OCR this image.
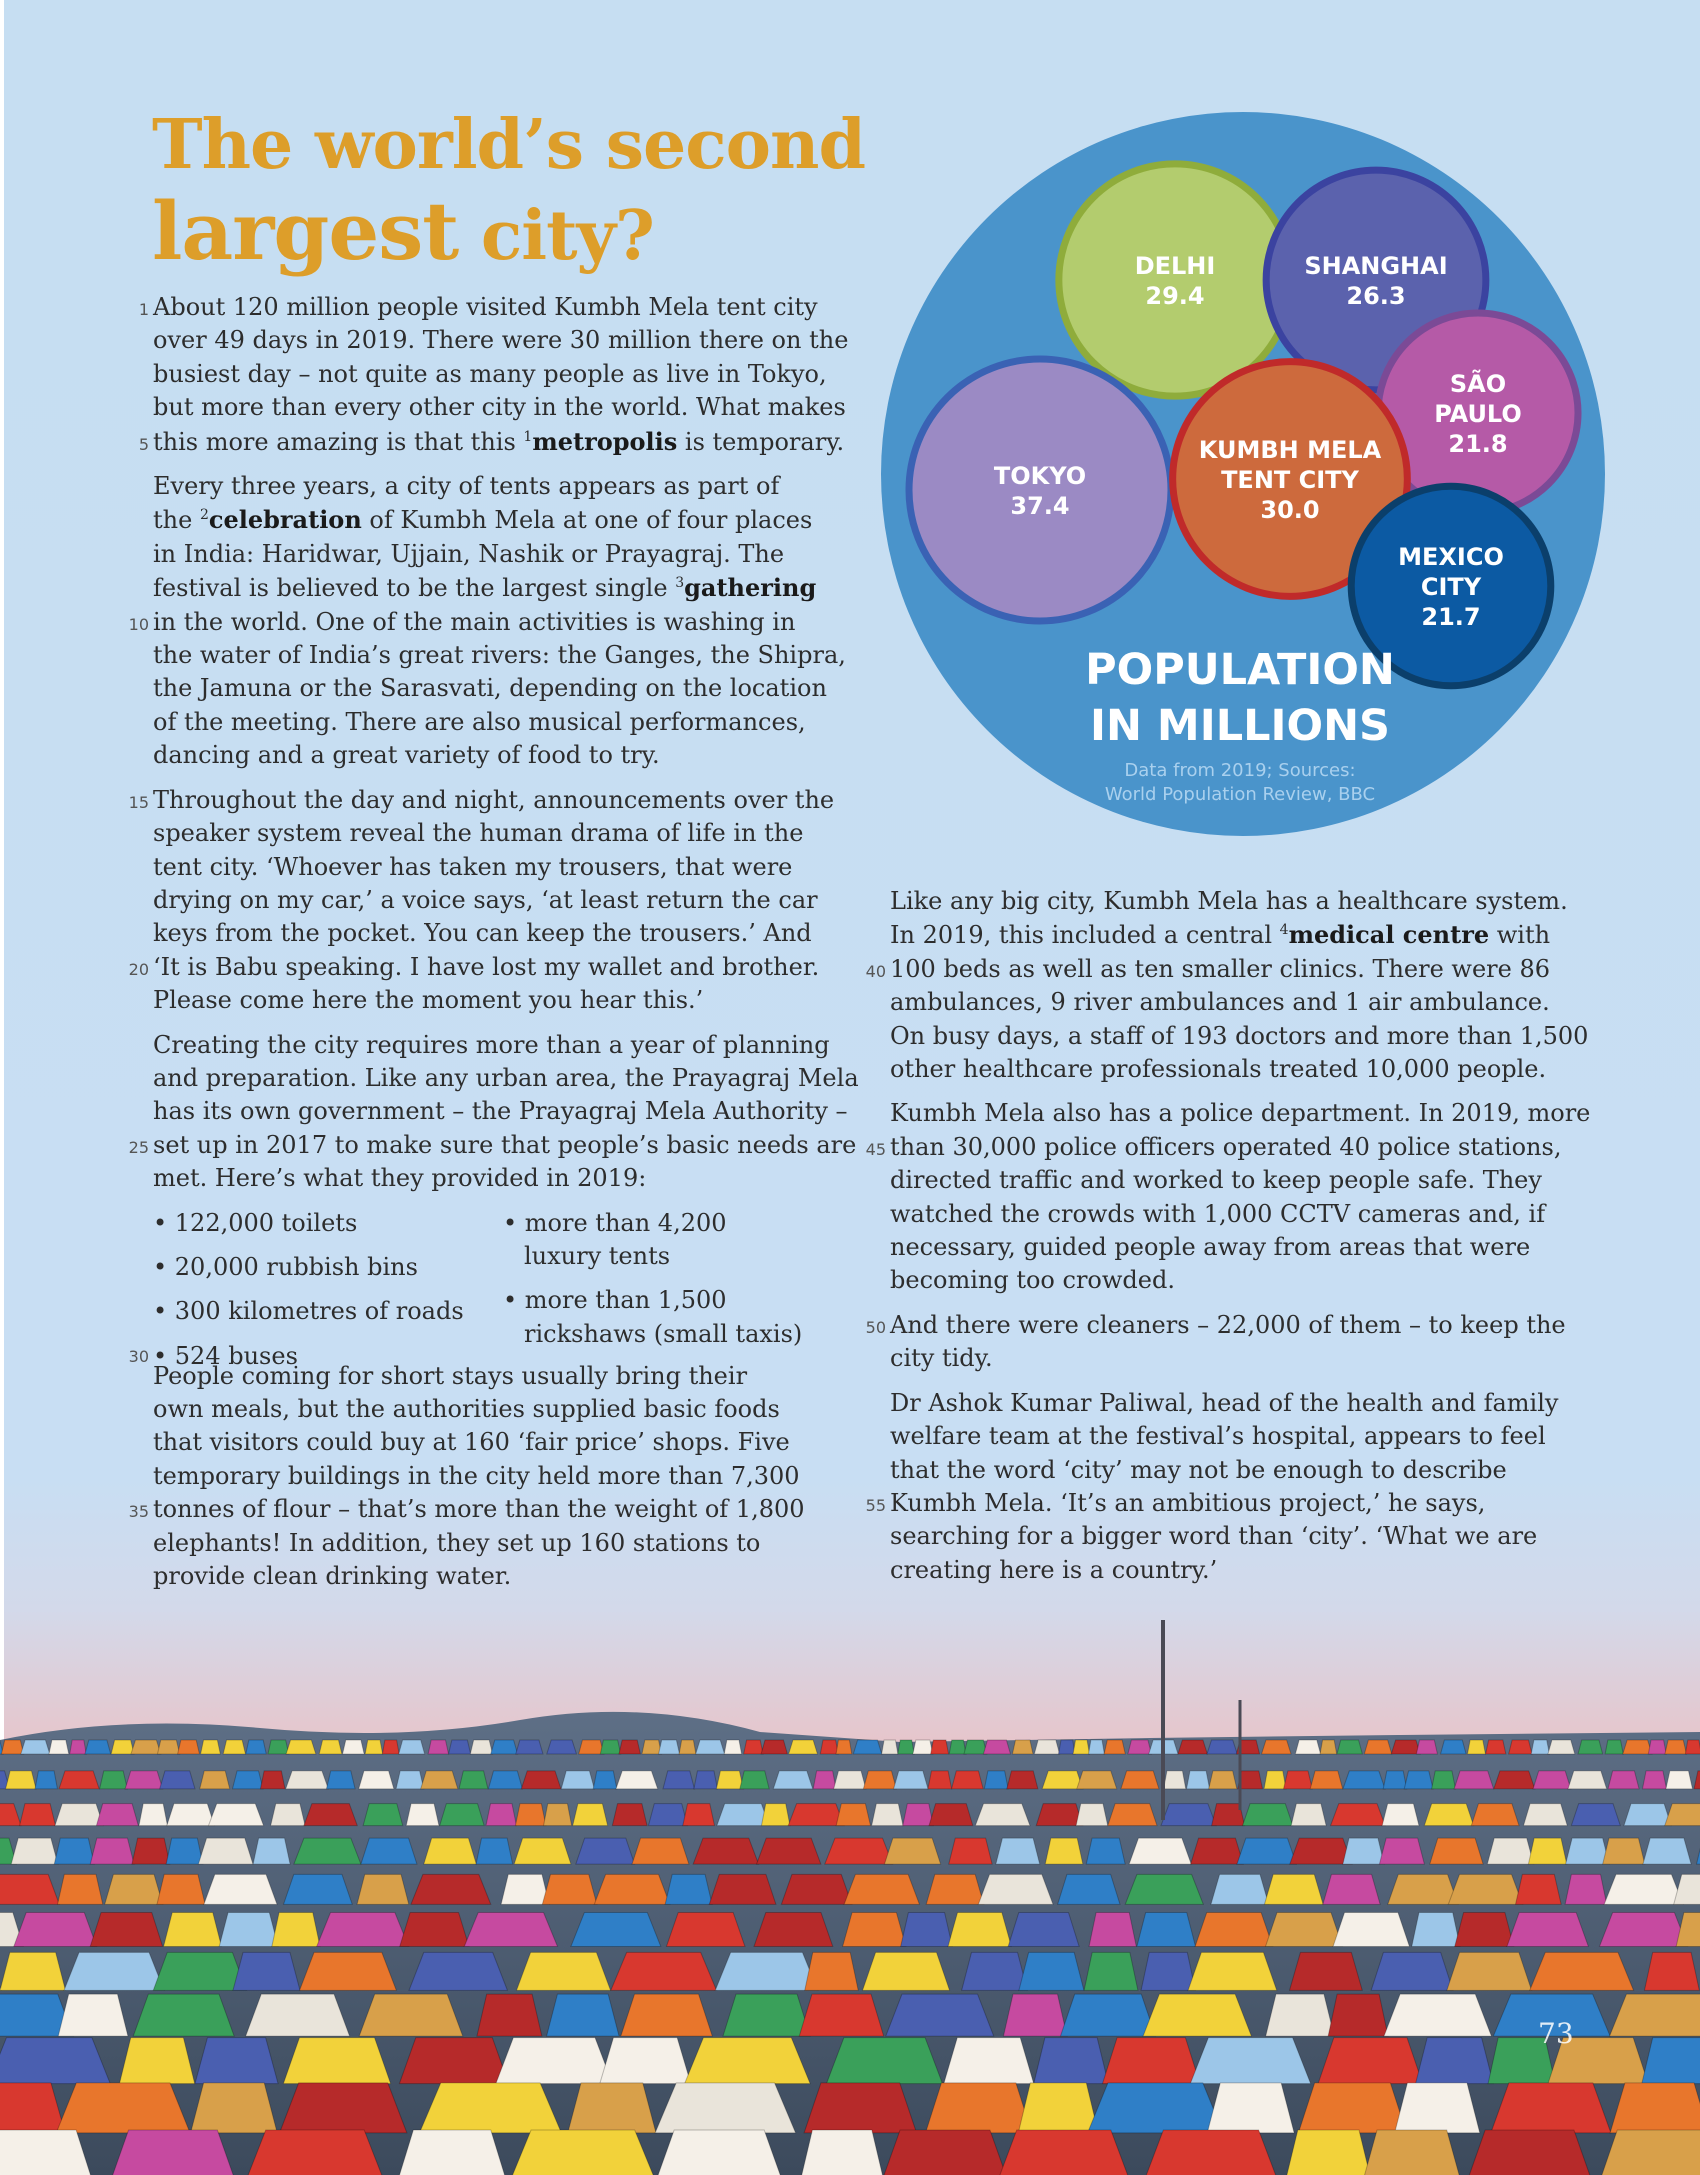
The world’s second
largest city?

1 About 120 million people visited Kumbh Mela tent city
over 49 days in 2019. There were 30 million there on the
busiest day – not quite as many people as live in Tokyo,
but more than every other city in the world. What makes

5 this more amazing is that this $^1$metropolis is temporary.

Every three years, a city of tents appears as part of
the $^2$celebration of Kumbh Mela at one of four places
in India: Haridwar, Ujjain, Nashik or Prayagraj. The
festival is believed to be the largest single $^3$gathering

10 in the world. One of the main activities is washing in
the water of India’s great rivers: the Ganges, the Shipra,
the Jamuna or the Sarasvati, depending on the location
of the meeting. There are also musical performances,
dancing and a great variety of food to try.

15 Throughout the day and night, announcements over the
speaker system reveal the human drama of life in the
tent city. ‘Whoever has taken my trousers, that were
drying on my car,’ a voice says, ‘at least return the car
keys from the pocket. You can keep the trousers.’ And

20 ‘It is Babu speaking. I have lost my wallet and brother.
Please come here the moment you hear this.’

Creating the city requires more than a year of planning
and preparation. Like any urban area, the Prayagraj Mela
has its own government – the Prayagraj Mela Authority –

25 set up in 2017 to make sure that people’s basic needs are
met. Here’s what they provided in 2019:

• 122,000 toilets
• 20,000 rubbish bins
• 300 kilometres of roads
30 • 524 buses
• more than 4,200
luxury tents
• more than 1,500
rickshaws (small taxis)

People coming for short stays usually bring their
own meals, but the authorities supplied basic foods
that visitors could buy at 160 ‘fair price’ shops. Five
temporary buildings in the city held more than 7,300

35 tonnes of flour – that’s more than the weight of 1,800
elephants! In addition, they set up 160 stations to
provide clean drinking water.

Like any big city, Kumbh Mela has a healthcare system.
In 2019, this included a central $^4$medical centre with

40 100 beds as well as ten smaller clinics. There were 86
ambulances, 9 river ambulances and 1 air ambulance.
On busy days, a staff of 193 doctors and more than 1,500
other healthcare professionals treated 10,000 people.

Kumbh Mela also has a police department. In 2019, more

45 than 30,000 police officers operated 40 police stations,
directed traffic and worked to keep people safe. They
watched the crowds with 1,000 CCTV cameras and, if
necessary, guided people away from areas that were
becoming too crowded.

50 And there were cleaners – 22,000 of them – to keep the
city tidy.

Dr Ashok Kumar Paliwal, head of the health and family
welfare team at the festival’s hospital, appears to feel
that the word ‘city’ may not be enough to describe

55 Kumbh Mela. ‘It’s an ambitious project,’ he says,
searching for a bigger word than ‘city’. ‘What we are
creating here is a country.’

DELHI
29.4
SHANGHAI
26.3
SÃO
PAULO
21.8
TOKYO
37.4
KUMBH MELA
TENT CITY
30.0
MEXICO
CITY
21.7
POPULATION
IN MILLIONS
Data from 2019; Sources:
World Population Review, BBC
73
